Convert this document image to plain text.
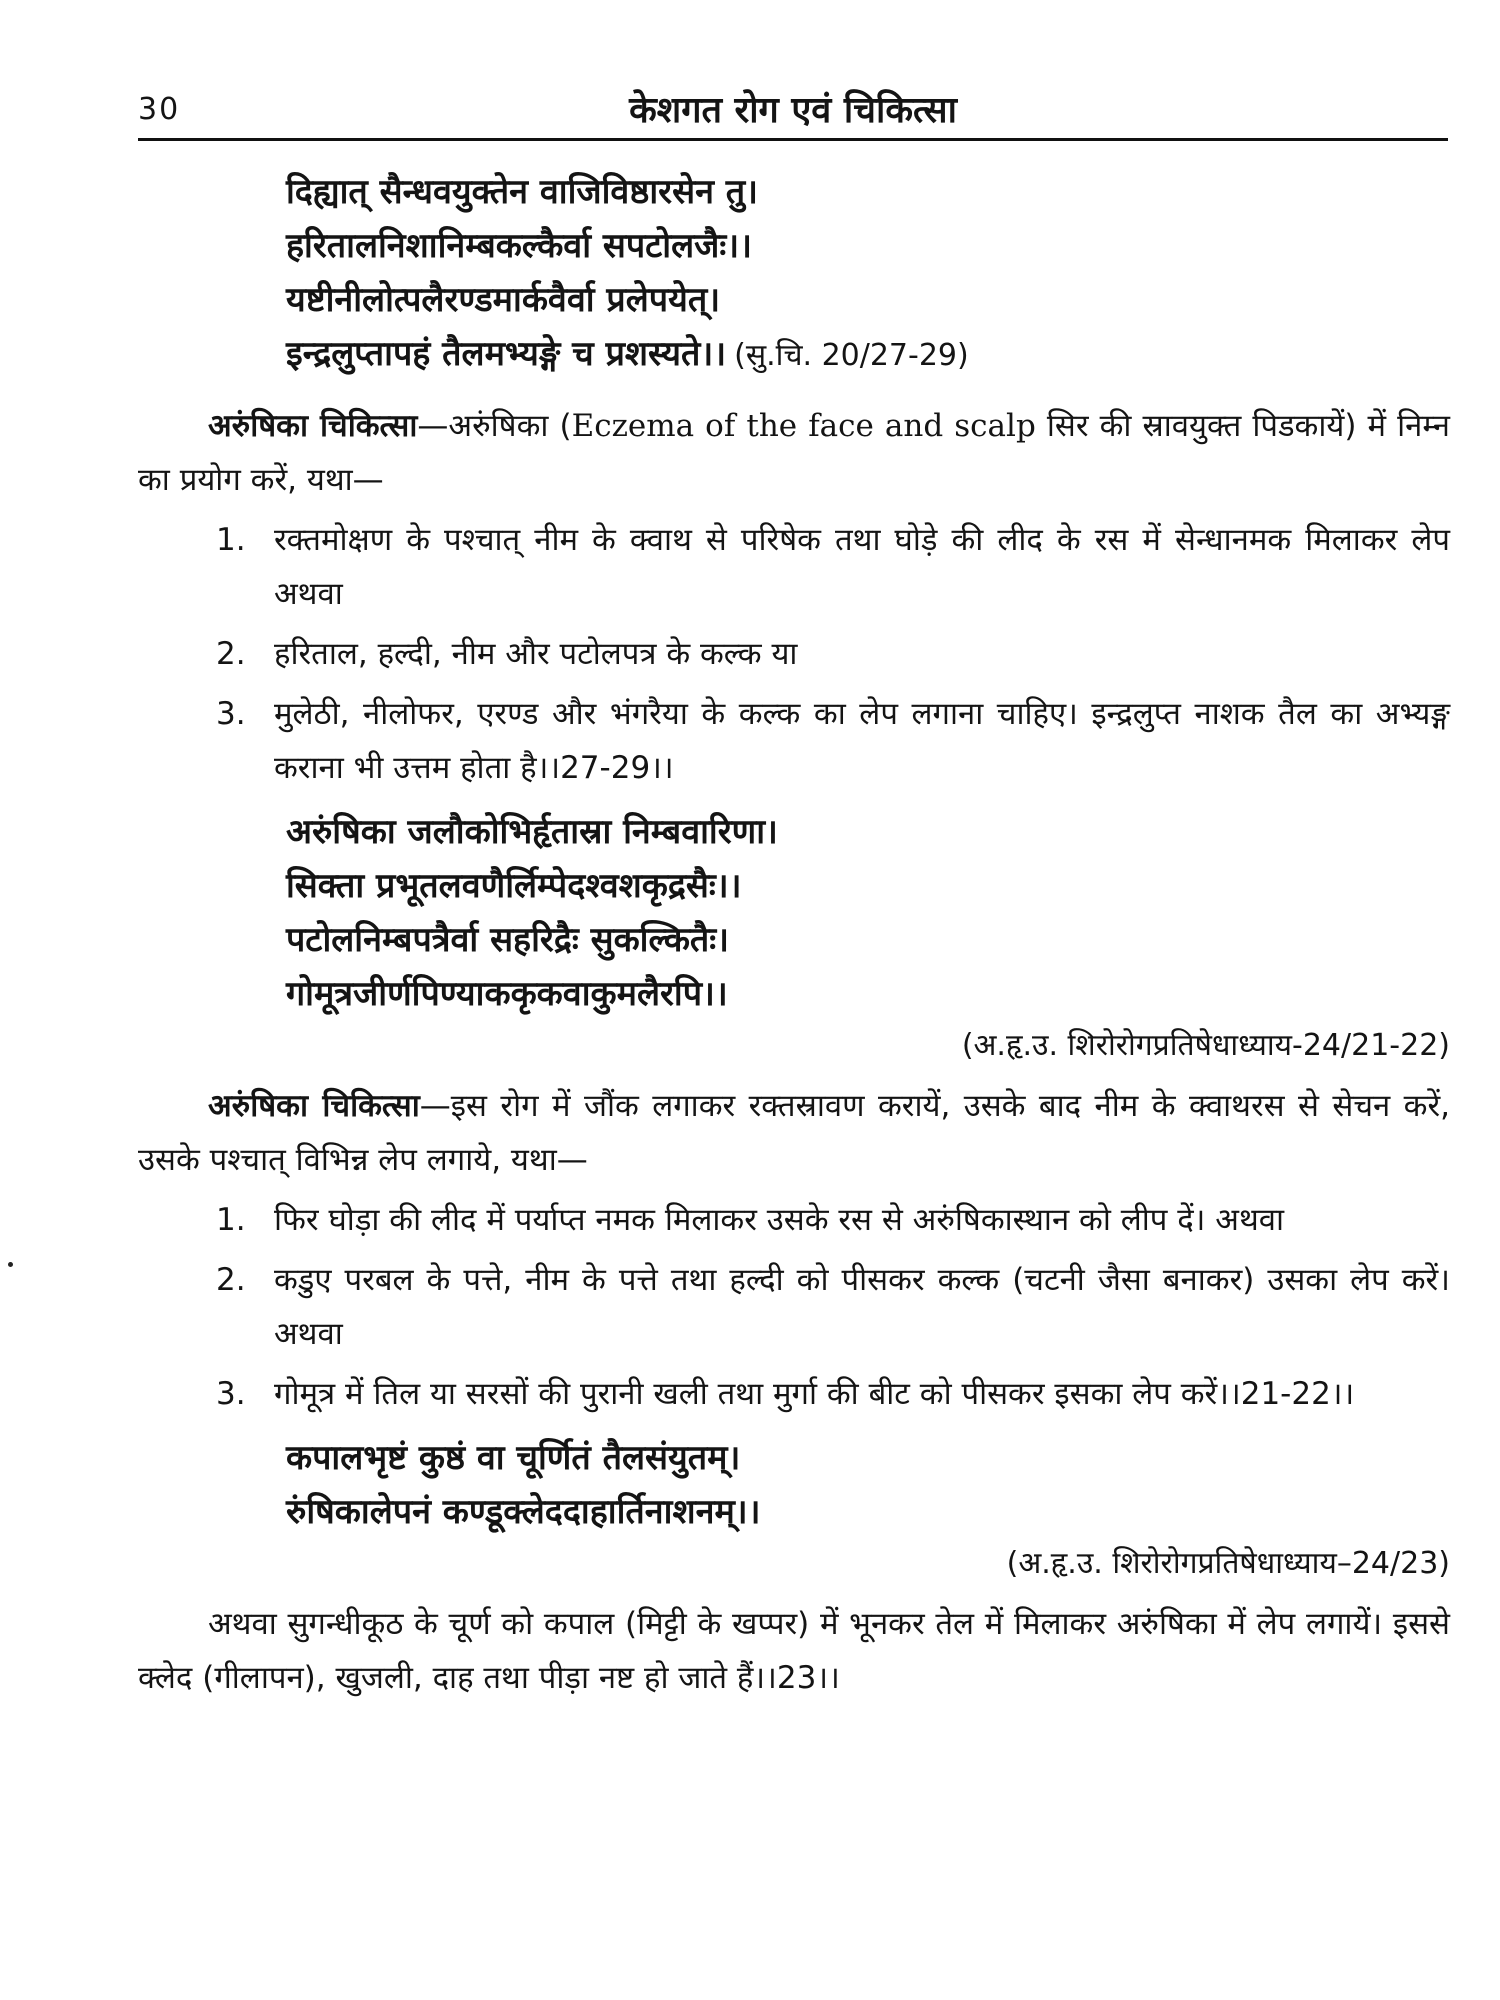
30	केशगत रोग एवं चिकित्सा
दिह्यात् सैन्धवयुक्तेन वाजिविष्ठारसेन तु।
हरितालनिशानिम्बकल्कैर्वा सपटोलजैः।।
यष्टीनीलोत्पलैरण्डमार्कवैर्वा प्रलेपयेत्।
इन्द्रलुप्तापहं तैलमभ्यङ्गे च प्रशस्यते।। (सु.चि. 20/27-29)
अरुंषिका चिकित्सा—अरुंषिका (Eczema of the face and scalp सिर की स्रावयुक्त पिडकायें) में निम्न का प्रयोग करें, यथा—
1. रक्तमोक्षण के पश्चात् नीम के क्वाथ से परिषेक तथा घोड़े की लीद के रस में सेन्धानमक मिलाकर लेप अथवा
2. हरिताल, हल्दी, नीम और पटोलपत्र के कल्क या
3. मुलेठी, नीलोफर, एरण्ड और भंगरैया के कल्क का लेप लगाना चाहिए। इन्द्रलुप्त नाशक तैल का अभ्यङ्ग कराना भी उत्तम होता है।।27-29।।
अरुंषिका जलौकोभिर्हृतास्रा निम्बवारिणा।
सिक्ता प्रभूतलवणैर्लिम्पेदश्वशकृद्रसैः।।
पटोलनिम्बपत्रैर्वा सहरिद्रैः सुकल्कितैः।
गोमूत्रजीर्णपिण्याककृकवाकुमलैरपि।।
(अ.हृ.उ. शिरोरोगप्रतिषेधाध्याय-24/21-22)
अरुंषिका चिकित्सा—इस रोग में जौंक लगाकर रक्तस्रावण करायें, उसके बाद नीम के क्वाथरस से सेचन करें, उसके पश्चात् विभिन्न लेप लगाये, यथा—
1. फिर घोड़ा की लीद में पर्याप्त नमक मिलाकर उसके रस से अरुंषिकास्थान को लीप दें। अथवा
2. कडुए परबल के पत्ते, नीम के पत्ते तथा हल्दी को पीसकर कल्क (चटनी जैसा बनाकर) उसका लेप करें। अथवा
3. गोमूत्र में तिल या सरसों की पुरानी खली तथा मुर्गा की बीट को पीसकर इसका लेप करें।।21-22।।
कपालभृष्टं कुष्ठं वा चूर्णितं तैलसंयुतम्।
रुंषिकालेपनं कण्डूक्लेददाहार्तिनाशनम्।।
(अ.हृ.उ. शिरोरोगप्रतिषेधाध्याय–24/23)
अथवा सुगन्धीकूठ के चूर्ण को कपाल (मिट्टी के खप्पर) में भूनकर तेल में मिलाकर अरुंषिका में लेप लगायें। इससे क्लेद (गीलापन), खुजली, दाह तथा पीड़ा नष्ट हो जाते हैं।।23।।
